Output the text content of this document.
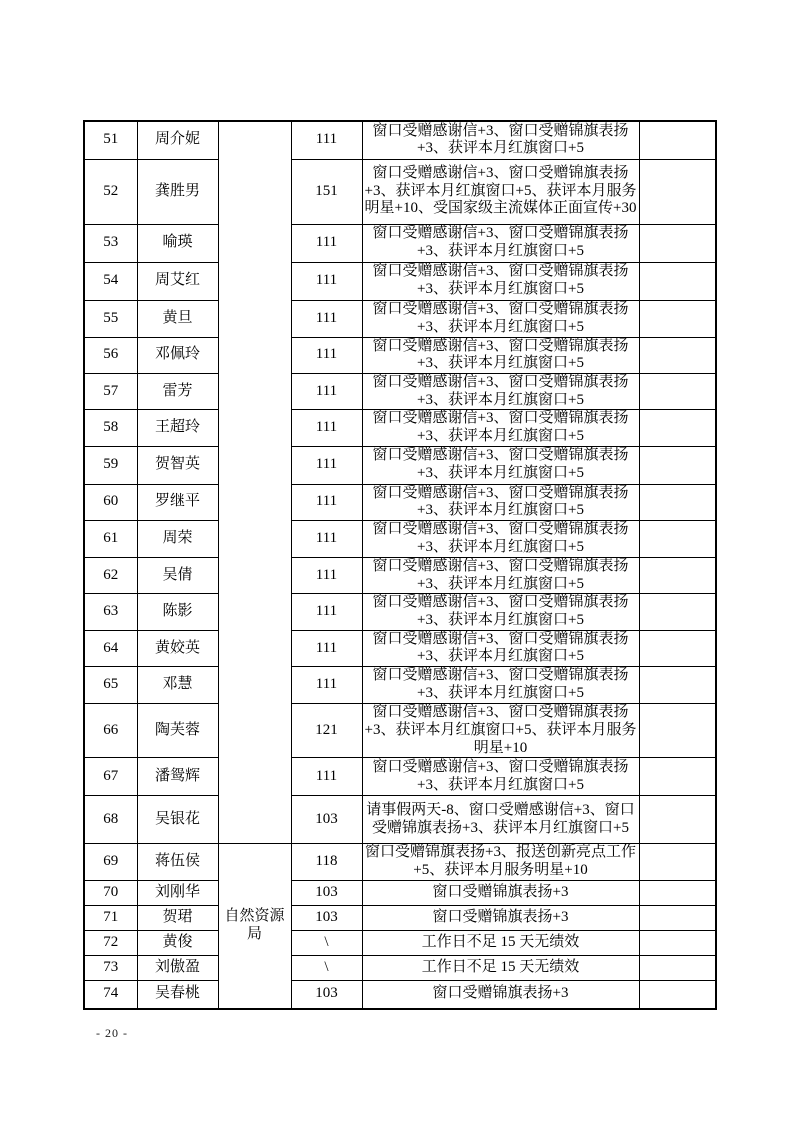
51	周介妮		111	窗口受赠感谢信+3、窗口受赠锦旗表扬+3、获评本月红旗窗口+5	
52	龚胜男		151	窗口受赠感谢信+3、窗口受赠锦旗表扬+3、获评本月红旗窗口+5、获评本月服务明星+10、受国家级主流媒体正面宣传+30	
53	喻瑛		111	窗口受赠感谢信+3、窗口受赠锦旗表扬+3、获评本月红旗窗口+5	
54	周艾红		111	窗口受赠感谢信+3、窗口受赠锦旗表扬+3、获评本月红旗窗口+5	
55	黄旦		111	窗口受赠感谢信+3、窗口受赠锦旗表扬+3、获评本月红旗窗口+5	
56	邓佩玲		111	窗口受赠感谢信+3、窗口受赠锦旗表扬+3、获评本月红旗窗口+5	
57	雷芳		111	窗口受赠感谢信+3、窗口受赠锦旗表扬+3、获评本月红旗窗口+5	
58	王超玲		111	窗口受赠感谢信+3、窗口受赠锦旗表扬+3、获评本月红旗窗口+5	
59	贺智英		111	窗口受赠感谢信+3、窗口受赠锦旗表扬+3、获评本月红旗窗口+5	
60	罗继平		111	窗口受赠感谢信+3、窗口受赠锦旗表扬+3、获评本月红旗窗口+5	
61	周荣		111	窗口受赠感谢信+3、窗口受赠锦旗表扬+3、获评本月红旗窗口+5	
62	吴倩		111	窗口受赠感谢信+3、窗口受赠锦旗表扬+3、获评本月红旗窗口+5	
63	陈影		111	窗口受赠感谢信+3、窗口受赠锦旗表扬+3、获评本月红旗窗口+5	
64	黄姣英		111	窗口受赠感谢信+3、窗口受赠锦旗表扬+3、获评本月红旗窗口+5	
65	邓慧		111	窗口受赠感谢信+3、窗口受赠锦旗表扬+3、获评本月红旗窗口+5	
66	陶芙蓉		121	窗口受赠感谢信+3、窗口受赠锦旗表扬+3、获评本月红旗窗口+5、获评本月服务明星+10	
67	潘鸳辉		111	窗口受赠感谢信+3、窗口受赠锦旗表扬+3、获评本月红旗窗口+5	
68	吴银花		103	请事假两天-8、窗口受赠感谢信+3、窗口受赠锦旗表扬+3、获评本月红旗窗口+5	
69	蒋伍侯	自然资源局	118	窗口受赠锦旗表扬+3、报送创新亮点工作+5、获评本月服务明星+10	
70	刘刚华		103	窗口受赠锦旗表扬+3	
71	贺珺		103	窗口受赠锦旗表扬+3	
72	黄俊		\	工作日不足 15 天无绩效	
73	刘傲盈		\	工作日不足 15 天无绩效	
74	吴春桃		103	窗口受赠锦旗表扬+3	
- 20 -
